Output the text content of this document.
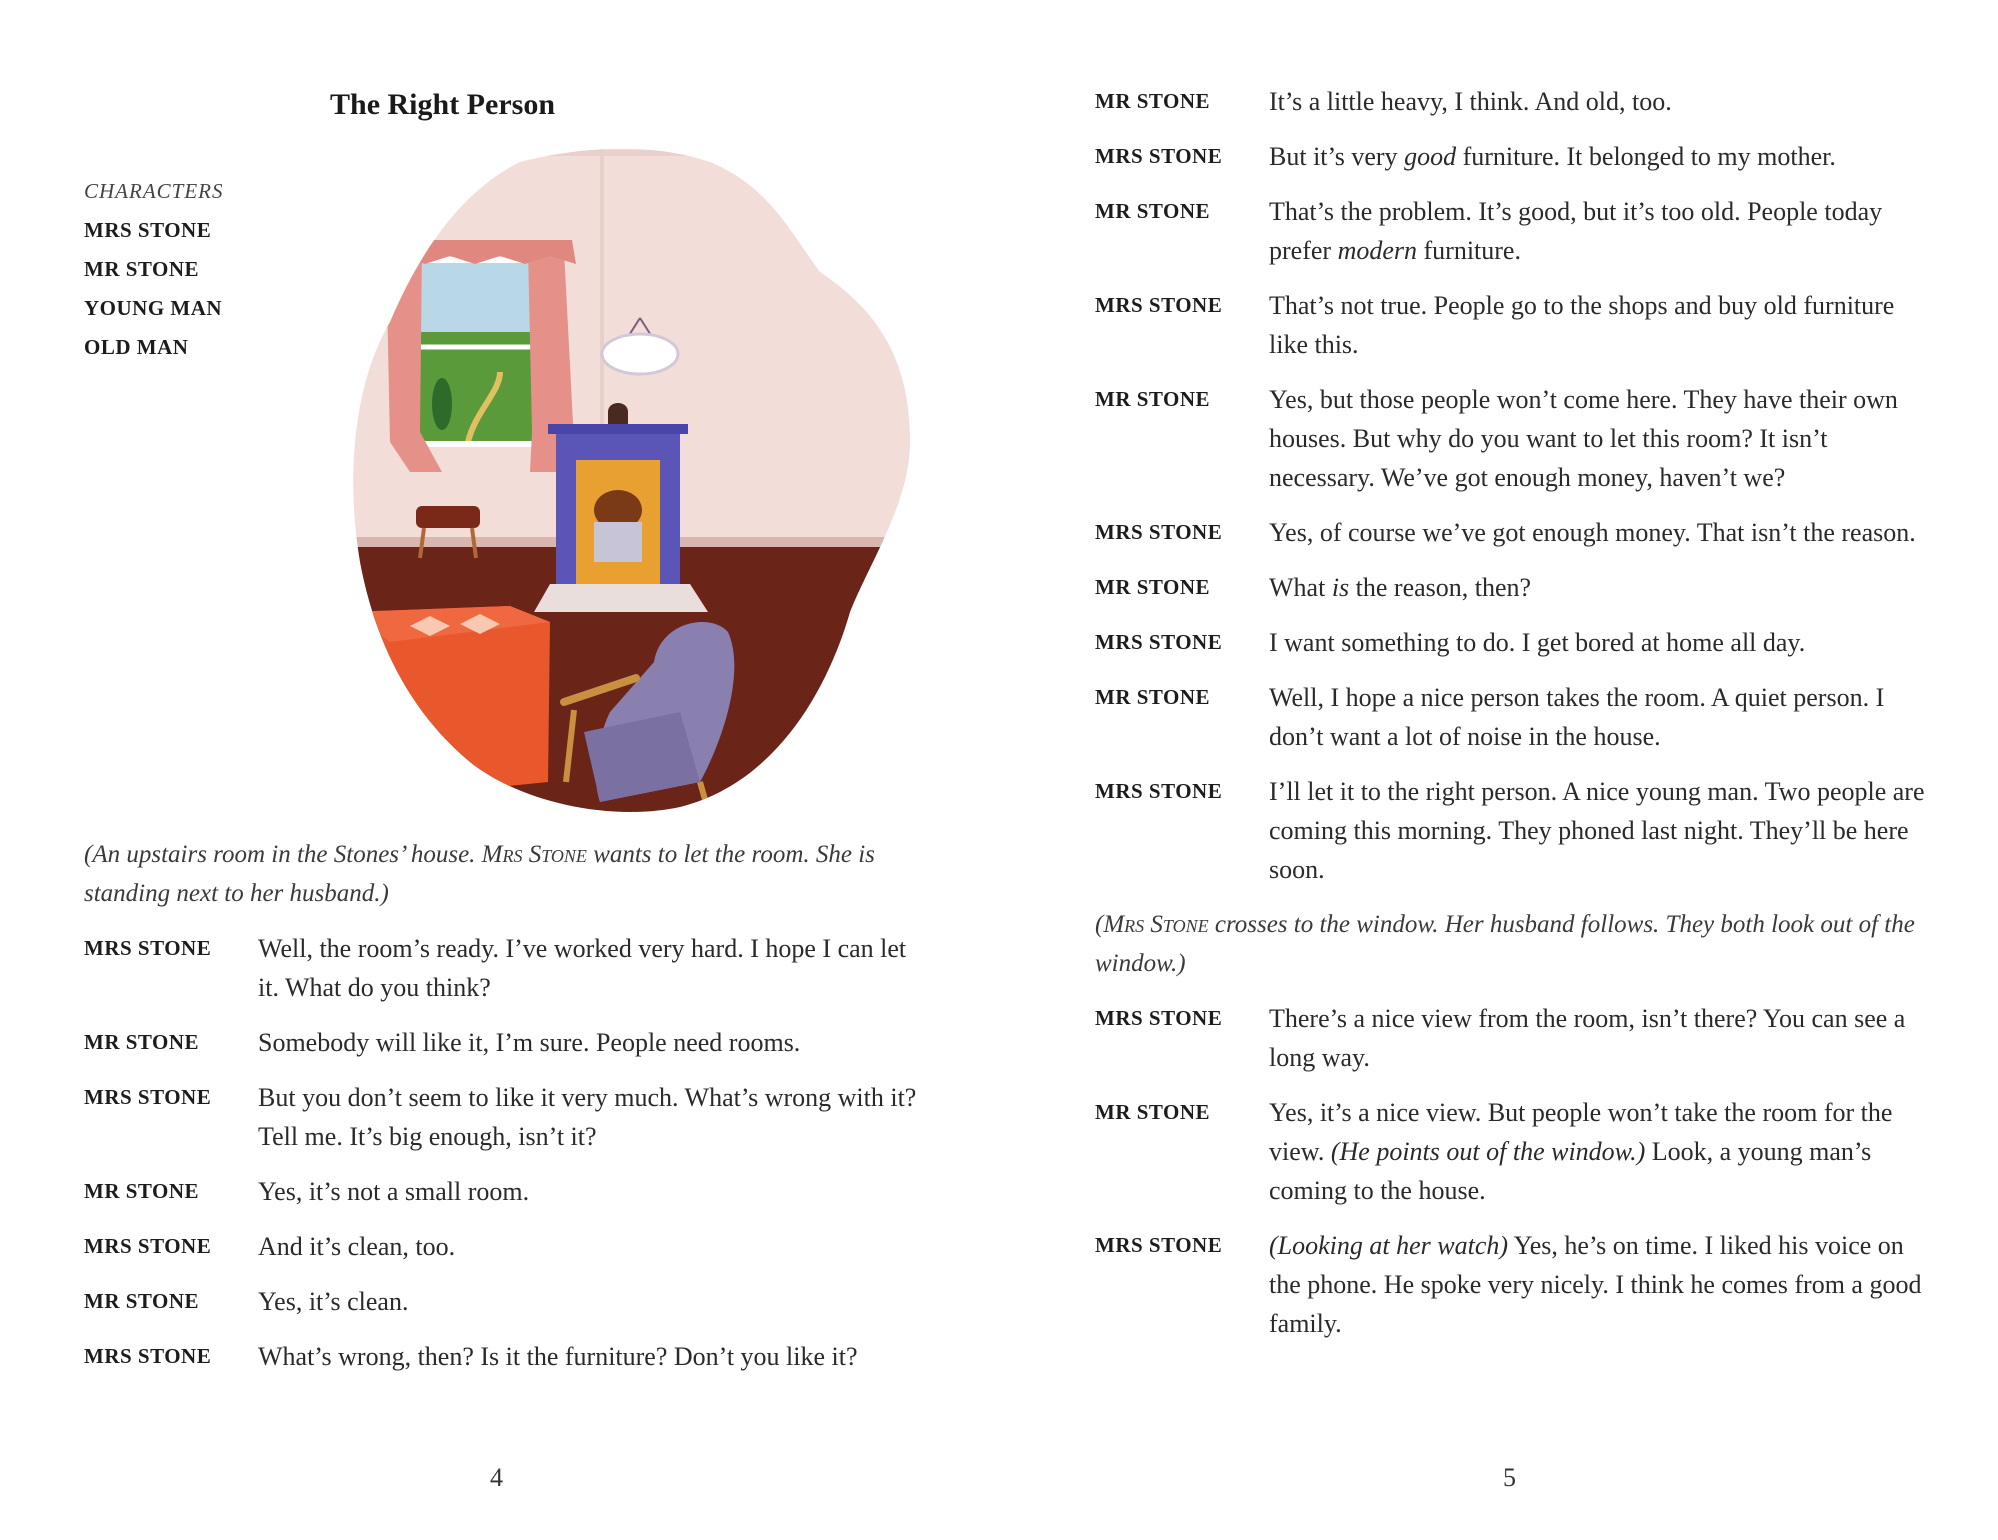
The Right Person
CHARACTERS
MRS STONE
MR STONE
YOUNG MAN
OLD MAN

(An upstairs room in the Stones’ house. Mrs Stone wants to let the room. She is standing next to her husband.)

MRS STONE	Well, the room’s ready. I’ve worked very hard. I hope I can let it. What do you think?
MR STONE	Somebody will like it, I’m sure. People need rooms.
MRS STONE	But you don’t seem to like it very much. What’s wrong with it? Tell me. It’s big enough, isn’t it?
MR STONE	Yes, it’s not a small room.
MRS STONE	And it’s clean, too.
MR STONE	Yes, it’s clean.
MRS STONE	What’s wrong, then? Is it the furniture? Don’t you like it?
4
MR STONE	It’s a little heavy, I think. And old, too.
MRS STONE	But it’s very good furniture. It belonged to my mother.
MR STONE	That’s the problem. It’s good, but it’s too old. People today prefer modern furniture.
MRS STONE	That’s not true. People go to the shops and buy old furniture like this.
MR STONE	Yes, but those people won’t come here. They have their own houses. But why do you want to let this room? It isn’t necessary. We’ve got enough money, haven’t we?
MRS STONE	Yes, of course we’ve got enough money. That isn’t the reason.
MR STONE	What is the reason, then?
MRS STONE	I want something to do. I get bored at home all day.
MR STONE	Well, I hope a nice person takes the room. A quiet person. I don’t want a lot of noise in the house.
MRS STONE	I’ll let it to the right person. A nice young man. Two people are coming this morning. They phoned last night. They’ll be here soon.

(Mrs Stone crosses to the window. Her husband follows. They both look out of the window.)

MRS STONE	There’s a nice view from the room, isn’t there? You can see a long way.
MR STONE	Yes, it’s a nice view. But people won’t take the room for the view. (He points out of the window.) Look, a young man’s coming to the house.
MRS STONE	(Looking at her watch) Yes, he’s on time. I liked his voice on the phone. He spoke very nicely. I think he comes from a good family.
5
